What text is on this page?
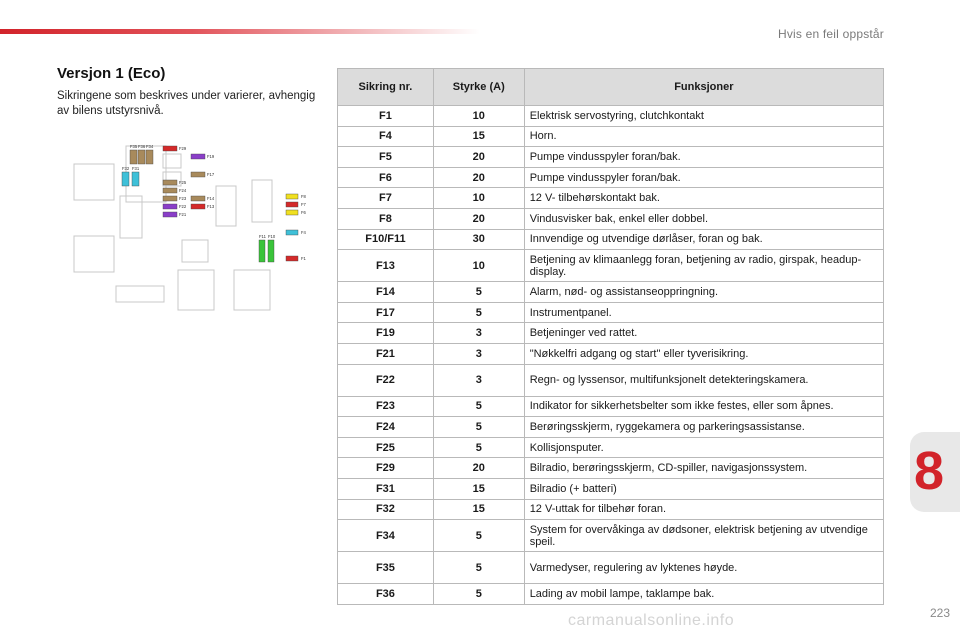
Hvis en feil oppstår
Versjon 1 (Eco)
Sikringene som beskrives under varierer, avhengig av bilens utstyrsnivå.
F35 F36 F34
F32 F31
F29
F25
F24
F23
F22
F21
F19
F17
F14
F13
F11 F10
F8
F7
F6
F4
F1
Sikring nr.	Styrke (A)	Funksjoner
F1	10	Elektrisk servostyring, clutchkontakt
F4	15	Horn.
F5	20	Pumpe vindusspyler foran/bak.
F6	20	Pumpe vindusspyler foran/bak.
F7	10	12 V- tilbehørskontakt bak.
F8	20	Vindusvisker bak, enkel eller dobbel.
F10/F11	30	Innvendige og utvendige dørlåser, foran og bak.
F13	10	Betjening av klimaanlegg foran, betjening av radio, girspak, headup-display.
F14	5	Alarm, nød- og assistanseoppringning.
F17	5	Instrumentpanel.
F19	3	Betjeninger ved rattet.
F21	3	"Nøkkelfri adgang og start" eller tyverisikring.
F22	3	Regn- og lyssensor, multifunksjonelt detekteringskamera.
F23	5	Indikator for sikkerhetsbelter som ikke festes, eller som åpnes.
F24	5	Berøringsskjerm, ryggekamera og parkeringsassistanse.
F25	5	Kollisjonsputer.
F29	20	Bilradio, berøringsskjerm, CD-spiller, navigasjonssystem.
F31	15	Bilradio (+ batteri)
F32	15	12 V-uttak for tilbehør foran.
F34	5	System for overvåkinga av dødsoner, elektrisk betjening av utvendige speil.
F35	5	Varmedyser, regulering av lyktenes høyde.
F36	5	Lading av mobil lampe, taklampe bak.
8
223
carmanualsonline.info
